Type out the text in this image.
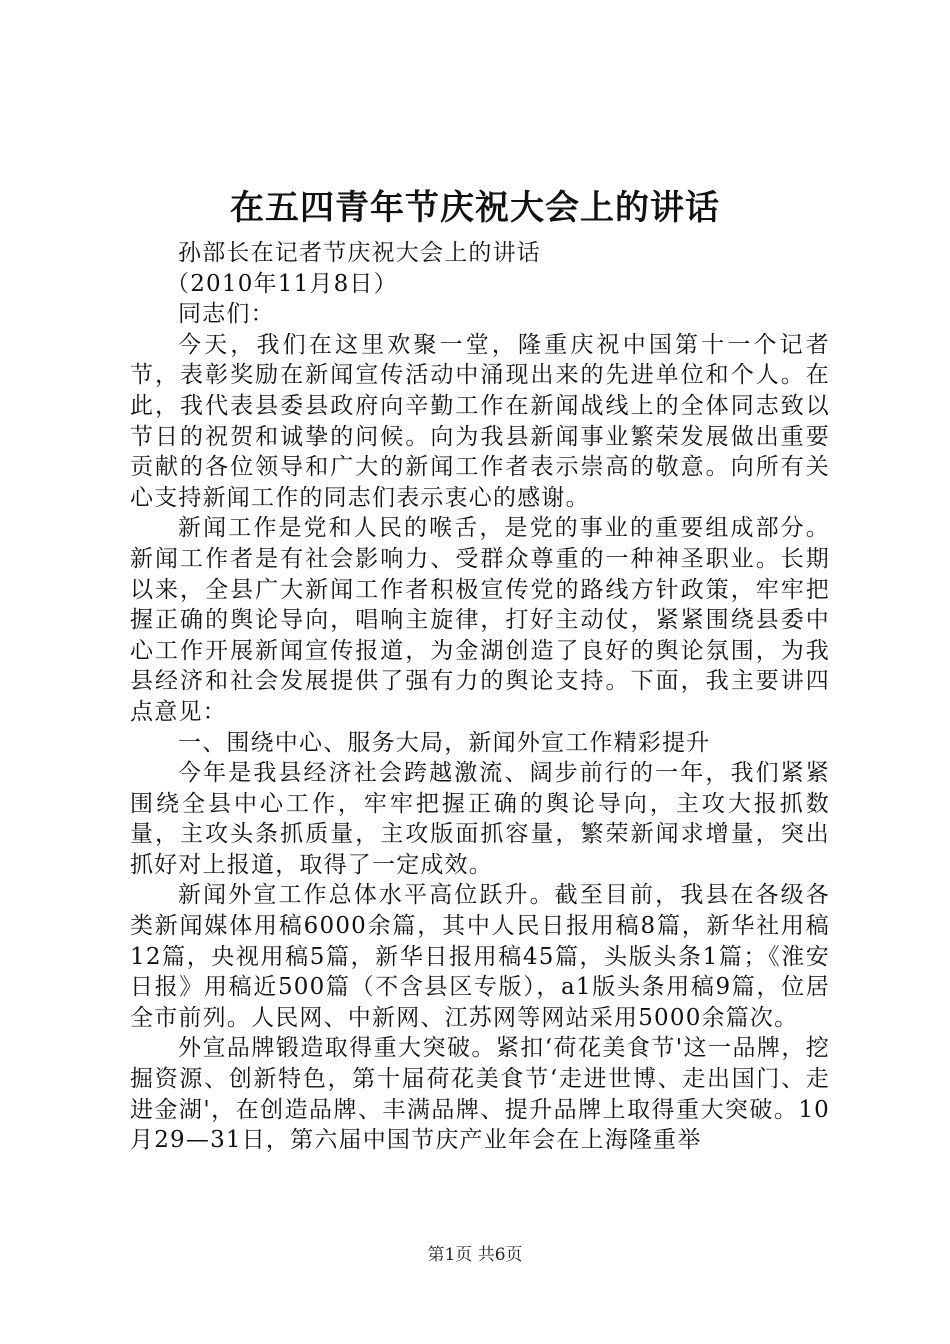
在五四青年节庆祝大会上的讲话

孙部长在记者节庆祝大会上的讲话

（2010年11月8日）

同志们：

今天，我们在这里欢聚一堂，隆重庆祝中国第十一个记者节，表彰奖励在新闻宣传活动中涌现出来的先进单位和个人。在此，我代表县委县政府向辛勤工作在新闻战线上的全体同志致以节日的祝贺和诚挚的问候。向为我县新闻事业繁荣发展做出重要贡献的各位领导和广大的新闻工作者表示崇高的敬意。向所有关心支持新闻工作的同志们表示衷心的感谢。

新闻工作是党和人民的喉舌，是党的事业的重要组成部分。新闻工作者是有社会影响力、受群众尊重的一种神圣职业。长期以来，全县广大新闻工作者积极宣传党的路线方针政策，牢牢把握正确的舆论导向，唱响主旋律，打好主动仗，紧紧围绕县委中心工作开展新闻宣传报道，为金湖创造了良好的舆论氛围，为我县经济和社会发展提供了强有力的舆论支持。下面，我主要讲四点意见：

一、围绕中心、服务大局，新闻外宣工作精彩提升

今年是我县经济社会跨越激流、阔步前行的一年，我们紧紧围绕全县中心工作，牢牢把握正确的舆论导向，主攻大报抓数量，主攻头条抓质量，主攻版面抓容量，繁荣新闻求增量，突出抓好对上报道，取得了一定成效。

新闻外宣工作总体水平高位跃升。截至目前，我县在各级各类新闻媒体用稿6000余篇，其中人民日报用稿8篇，新华社用稿12篇，央视用稿5篇，新华日报用稿45篇，头版头条1篇；《淮安日报》用稿近500篇（不含县区专版），a1版头条用稿9篇，位居全市前列。人民网、中新网、江苏网等网站采用5000余篇次。

外宣品牌锻造取得重大突破。紧扣‘荷花美食节'这一品牌，挖掘资源、创新特色，第十届荷花美食节‘走进世博、走出国门、走进金湖'，在创造品牌、丰满品牌、提升品牌上取得重大突破。10月29—31日，第六届中国节庆产业年会在上海隆重举

第1页 共6页
